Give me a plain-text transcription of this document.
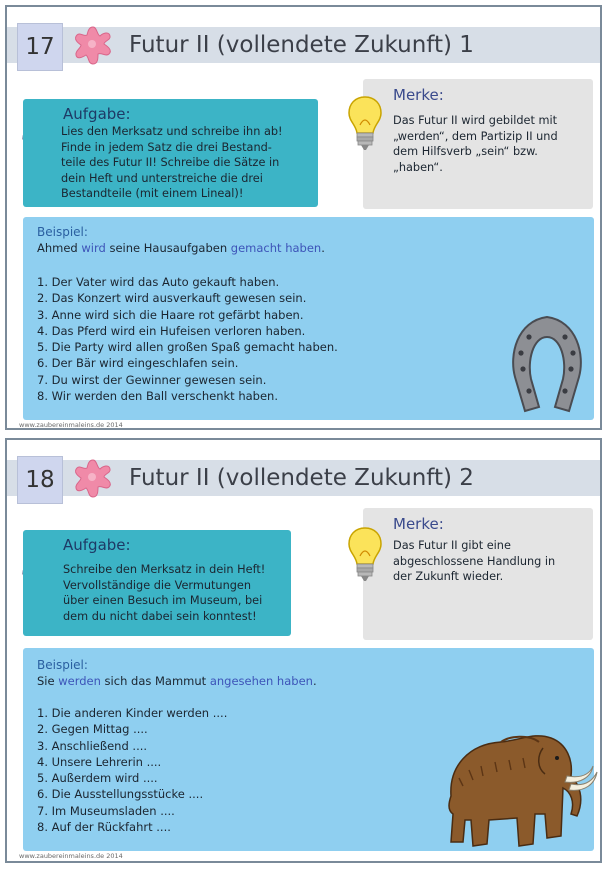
17	Futur II (vollendete Zukunft) 1
Aufgabe:
Lies den Merksatz und schreibe ihn ab!
Finde in jedem Satz die drei Bestand-
teile des Futur II! Schreibe die Sätze in
dein Heft und unterstreiche die drei
Bestandteile (mit einem Lineal)!
Merke:
Das Futur II wird gebildet mit
„werden“, dem Partizip II und
dem Hilfsverb „sein“ bzw.
„haben“.
Beispiel:
Ahmed wird seine Hausaufgaben gemacht haben.
1. Der Vater wird das Auto gekauft haben.
2. Das Konzert wird ausverkauft gewesen sein.
3. Anne wird sich die Haare rot gefärbt haben.
4. Das Pferd wird ein Hufeisen verloren haben.
5. Die Party wird allen großen Spaß gemacht haben.
6. Der Bär wird eingeschlafen sein.
7. Du wirst der Gewinner gewesen sein.
8. Wir werden den Ball verschenkt haben.
www.zaubereinmaleins.de 2014
18	Futur II (vollendete Zukunft) 2
Aufgabe:
Schreibe den Merksatz in dein Heft!
Vervollständige die Vermutungen
über einen Besuch im Museum, bei
dem du nicht dabei sein konntest!
Merke:
Das Futur II gibt eine
abgeschlossene Handlung in
der Zukunft wieder.
Beispiel:
Sie werden sich das Mammut angesehen haben.
1. Die anderen Kinder werden ....
2. Gegen Mittag ....
3. Anschließend ....
4. Unsere Lehrerin ....
5. Außerdem wird ....
6. Die Ausstellungsstücke ....
7. Im Museumsladen ....
8. Auf der Rückfahrt ....
www.zaubereinmaleins.de 2014
